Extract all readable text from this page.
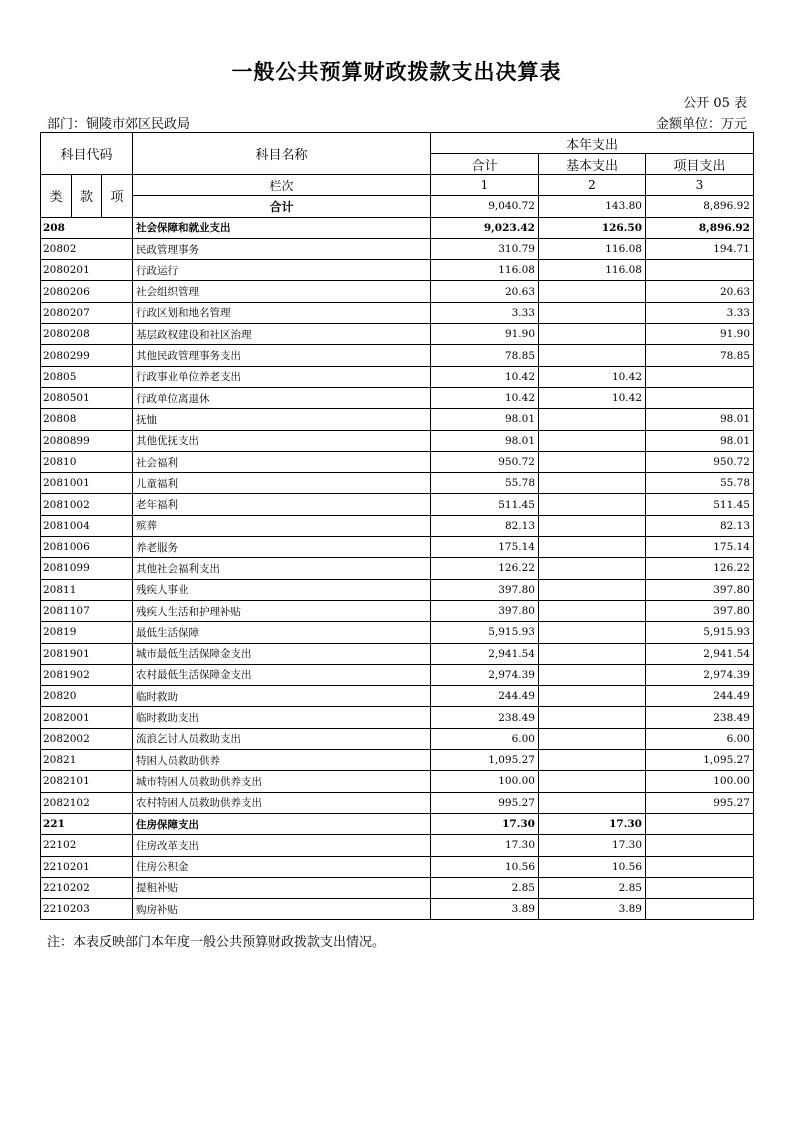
一般公共预算财政拨款支出决算表
公开 05 表
部门：铜陵市郊区民政局	金额单位：万元
科目代码			科目名称	本年支出		
				合计	基本支出	项目支出
类	款	项	栏次	1	2	3
			合计	9,040.72	143.80	8,896.92
208			社会保障和就业支出	9,023.42	126.50	8,896.92
20802			民政管理事务	310.79	116.08	194.71
2080201			行政运行	116.08	116.08	
2080206			社会组织管理	20.63		20.63
2080207			行政区划和地名管理	3.33		3.33
2080208			基层政权建设和社区治理	91.90		91.90
2080299			其他民政管理事务支出	78.85		78.85
20805			行政事业单位养老支出	10.42	10.42	
2080501			行政单位离退休	10.42	10.42	
20808			抚恤	98.01		98.01
2080899			其他优抚支出	98.01		98.01
20810			社会福利	950.72		950.72
2081001			儿童福利	55.78		55.78
2081002			老年福利	511.45		511.45
2081004			殡葬	82.13		82.13
2081006			养老服务	175.14		175.14
2081099			其他社会福利支出	126.22		126.22
20811			残疾人事业	397.80		397.80
2081107			残疾人生活和护理补贴	397.80		397.80
20819			最低生活保障	5,915.93		5,915.93
2081901			城市最低生活保障金支出	2,941.54		2,941.54
2081902			农村最低生活保障金支出	2,974.39		2,974.39
20820			临时救助	244.49		244.49
2082001			临时救助支出	238.49		238.49
2082002			流浪乞讨人员救助支出	6.00		6.00
20821			特困人员救助供养	1,095.27		1,095.27
2082101			城市特困人员救助供养支出	100.00		100.00
2082102			农村特困人员救助供养支出	995.27		995.27
221			住房保障支出	17.30	17.30	
22102			住房改革支出	17.30	17.30	
2210201			住房公积金	10.56	10.56	
2210202			提租补贴	2.85	2.85	
2210203			购房补贴	3.89	3.89	
注：本表反映部门本年度一般公共预算财政拨款支出情况。
